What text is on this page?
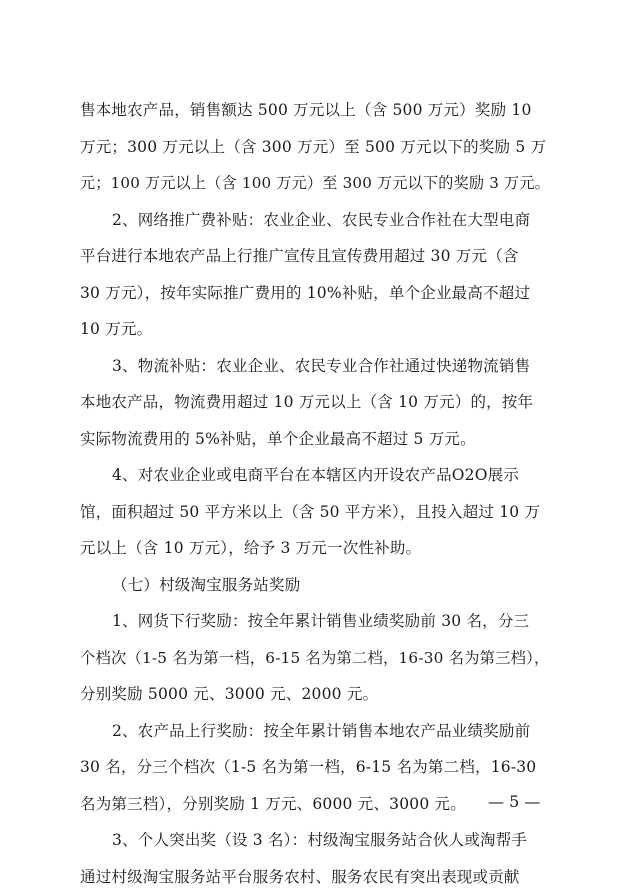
售本地农产品，销售额达 500 万元以上（含 500 万元）奖励 10
万元；300 万元以上（含 300 万元）至 500 万元以下的奖励 5 万
元；100 万元以上（含 100 万元）至 300 万元以下的奖励 3 万元。
2、网络推广费补贴：农业企业、农民专业合作社在大型电商
平台进行本地农产品上行推广宣传且宣传费用超过 30 万元（含
30 万元），按年实际推广费用的 10%补贴，单个企业最高不超过
10 万元。
3、物流补贴：农业企业、农民专业合作社通过快递物流销售
本地农产品，物流费用超过 10 万元以上（含 10 万元）的，按年
实际物流费用的 5%补贴，单个企业最高不超过 5 万元。
4、对农业企业或电商平台在本辖区内开设农产品O2O展示
馆，面积超过 50 平方米以上（含 50 平方米），且投入超过 10 万
元以上（含 10 万元），给予 3 万元一次性补助。
（七）村级淘宝服务站奖励
1、网货下行奖励：按全年累计销售业绩奖励前 30 名，分三
个档次（1-5 名为第一档，6-15 名为第二档，16-30 名为第三档），
分别奖励 5000 元、3000 元、2000 元。
2、农产品上行奖励：按全年累计销售本地农产品业绩奖励前
30 名，分三个档次（1-5 名为第一档，6-15 名为第二档，16-30
名为第三档），分别奖励 1 万元、6000 元、3000 元。
3、个人突出奖（设 3 名）：村级淘宝服务站合伙人或淘帮手
通过村级淘宝服务站平台服务农村、服务农民有突出表现或贡献
— 5 —
